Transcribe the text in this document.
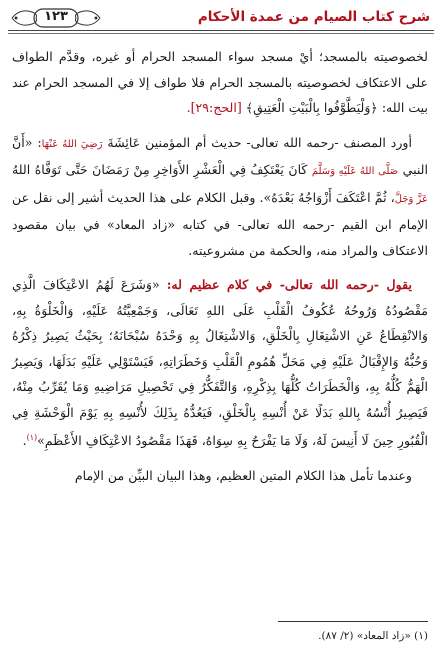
١٢٣	شرح كتاب الصيام من عمدة الأحكام

لخصوصيته بالمسجد؛ أيْ مسجد سواء المسجد الحرام أو غيره، وقدَّم الطواف على الاعتكاف لخصوصيته بالمسجد الحرام فلا طواف إلا في المسجد الحرام عند بيت الله: ﴿وَلْيَطَّوَّفُوا بِالْبَيْتِ الْعَتِيقِ﴾ [الحج:٢٩].

أورد المصنف -رحمه الله تعالى- حديث أم المؤمنين عَائِشَةَ رَضِيَ اللهُ عَنْهَا: «أَنَّ النبي صَلَّى اللهُ عَلَيْهِ وَسَلَّمَ كَانَ يَعْتَكِفُ فِي الْعَشْرِ الأَوَاخِرِ مِنْ رَمَضَانَ حَتَّى تَوَفَّاهُ اللهُ عَزَّ وَجَلَّ، ثُمَّ اعْتَكَفَ أَزْوَاجُهُ بَعْدَهُ». وقبل الكلام على هذا الحديث أشير إلى نقل عن الإمام ابن القيم -رحمه الله تعالى- في كتابه «زاد المعاد» في بيان مقصود الاعتكاف والمراد منه، والحكمة من مشروعيته.

يقول -رحمه الله تعالى- في كلام عظيم له: «وَشَرَعَ لَهُمُ الاعْتِكَافَ الَّذِي مَقْصُودُهُ وَرُوحُهُ عُكُوفُ الْقَلْبِ عَلَى اللهِ تَعَالَى، وَجَمْعِيَّتُهُ عَلَيْهِ، وَالْخَلْوَةُ بِهِ، وَالانْقِطَاعُ عَنِ الاشْتِغَالِ بِالْخَلْقِ، وَالاشْتِغَالُ بِهِ وَحْدَهُ سُبْحَانَهُ؛ بِحَيْثُ يَصِيرُ ذِكْرُهُ وَحُبُّهُ وَالإِقْبَالُ عَلَيْهِ فِي مَحَلِّ هُمُومِ الْقَلْبِ وَخَطَرَاتِهِ، فَيَسْتَوْلِي عَلَيْهِ بَدَلَهَا، وَيَصِيرُ الْهَمُّ كُلُّهُ بِهِ، وَالْخَطَرَاتُ كُلُّهَا بِذِكْرِهِ، وَالتَّفَكُّرُ فِي تَحْصِيلِ مَرَاضِيهِ وَمَا يُقَرِّبُ مِنْهُ، فَيَصِيرُ أُنْسُهُ بِاللهِ بَدَلًا عَنْ أُنْسِهِ بِالْخَلْقِ، فَيَعُدُّهُ بِذَلِكَ لأُنْسِهِ بِهِ يَوْمَ الْوَحْشَةِ فِي الْقُبُورِ حِينَ لَا أَنِيسَ لَهُ، وَلَا مَا يَفْرَحُ بِهِ سِوَاهُ، فَهَذَا مَقْصُودُ الاعْتِكَافِ الأَعْظَمِ»$^{(١)}$.

وعندما تأمل هذا الكلام المتين العظيم، وهذا البيان البيِّن من الإمام

(١) «زاد المعاد» (٢/ ٨٧).
